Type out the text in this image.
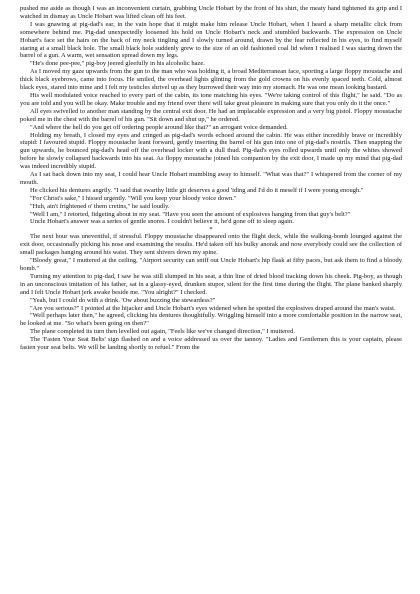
pushed me aside as though I was an inconvenient curtain, grabbing Uncle Hobart by the front of his shirt, the meaty hand tightened its grip and I watched in dismay as Uncle Hobart was lifted clean off his feet.

I was gnawing at pig-dad's ear, in the vain hope that it might make him release Uncle Hobart, when I heard a sharp metallic click from somewhere behind me. Pig-dad unexpectedly loosened his hold on Uncle Hobart's neck and stumbled backwards. The expression on Uncle Hobart's face set the hairs on the back of my neck tingling and I slowly turned around, drawn by the fear reflected in his eyes, to find myself staring at a small black hole. The small black hole suddenly grew to the size of an old fashioned coal lid when I realised I was staring down the barrel of a gun. A warm, wet sensation spread down my legs.

"He's done pee-pee," pig-boy jeered gleefully in his alcoholic haze.

As I moved my gaze upwards from the gun to the man who was holding it, a broad Mediterranean face, sporting a large floppy moustache and thick black eyebrows, came into focus. He smiled, the overhead lights glinting from the gold crowns on his evenly spaced teeth. Cold, almost black eyes, stared into mine and I felt my testicles shrivel up as they burrowed their way into my stomach. He was one mean looking bastard.

His well modulated voice reached to every part of the cabin, its tone matching his eyes. "We're taking control of this flight," he said. "Do as you are told and you will be okay. Make trouble and my friend over there will take great pleasure in making sure that you only do it the once."

All eyes swivelled to another man standing by the central exit door. He had an implacable expression and a very big pistol. Floppy moustache poked me in the chest with the barrel of his gun. "Sit down and shut up," he ordered.

"And where the hell do you get off ordering people around like that?" an arrogant voice demanded.

Holding my breath, I closed my eyes and cringed as pig-dad's words echoed around the cabin. He was either incredibly brave or incredibly stupid: I favoured stupid. Floppy moustache leant forward, gently inserting the barrel of his gun into one of pig-dad's nostrils. Then snapping the gun upwards, he bounced pig-dad's head off the overhead locker with a dull thud. Pig-dad's eyes rolled upwards until only the whites showed before he slowly collapsed backwards into his seat. As floppy moustache joined his companion by the exit door, I made up my mind that pig-dad was indeed incredibly stupid.

As I sat back down into my seat, I could hear Uncle Hobart mumbling away to himself. "What was that?" I whispered from the corner of my mouth.

He clicked his dentures angrily. "I said that swarthy little git deserves a good 'iding and I'd do it meself if I were young enough."

"For Christ's sake," I hissed urgently. "Will you keep your bloody voice down."

"Huh, ain't frightened o' them cretins," he said loudly.

"Well I am," I retorted, fidgeting about in my seat. "Have you seen the amount of explosives hanging from that guy's belt?"

Uncle Hobart's answer was a series of gentle snores. I couldn't believe it, he'd gone off to sleep again.

*

The next hour was uneventful, if stressful. Floppy moustache disappeared onto the flight deck, while the walking-bomb lounged against the exit door, occasionally picking his nose and examining the results. He'd taken off his bulky anorak and now everybody could see the collection of small packages hanging around his waist. They sent shivers down my spine.

"Bloody great," I muttered at the ceiling, "Airport security can sniff out Uncle Hobart's hip flask at fifty paces, but ask them to find a bloody bomb."

Turning my attention to pig-dad, I saw he was still slumped in his seat, a thin line of dried blood tracking down his cheek. Pig-boy, as though in an unconscious imitation of his father, sat in a glassy-eyed, drunken stupor, silent for the first time during the flight. The plane banked sharply and I felt Uncle Hobart jerk awake beside me. "You alright?" I checked.

"Yeah, but I could do with a drink. 'Ow about buzzing the stewardess?"

"Are you serious?" I pointed at the hijacker and Uncle Hobart's eyes widened when he spotted the explosives draped around the man's waist.

"Well perhaps later then," he agreed, clicking his dentures thoughtfully. Wriggling himself into a more comfortable position in the narrow seat, he looked at me. "So what's been going on then?"

The plane completed its turn then levelled out again, "Feels like we've changed direction," I muttered.

The 'Fasten Your Seat Belts' sign flashed on and a voice addressed us over the tannoy. "Ladies and Gentlemen this is your captain, please fasten your seat belts. We will be landing shortly to refuel." From the
